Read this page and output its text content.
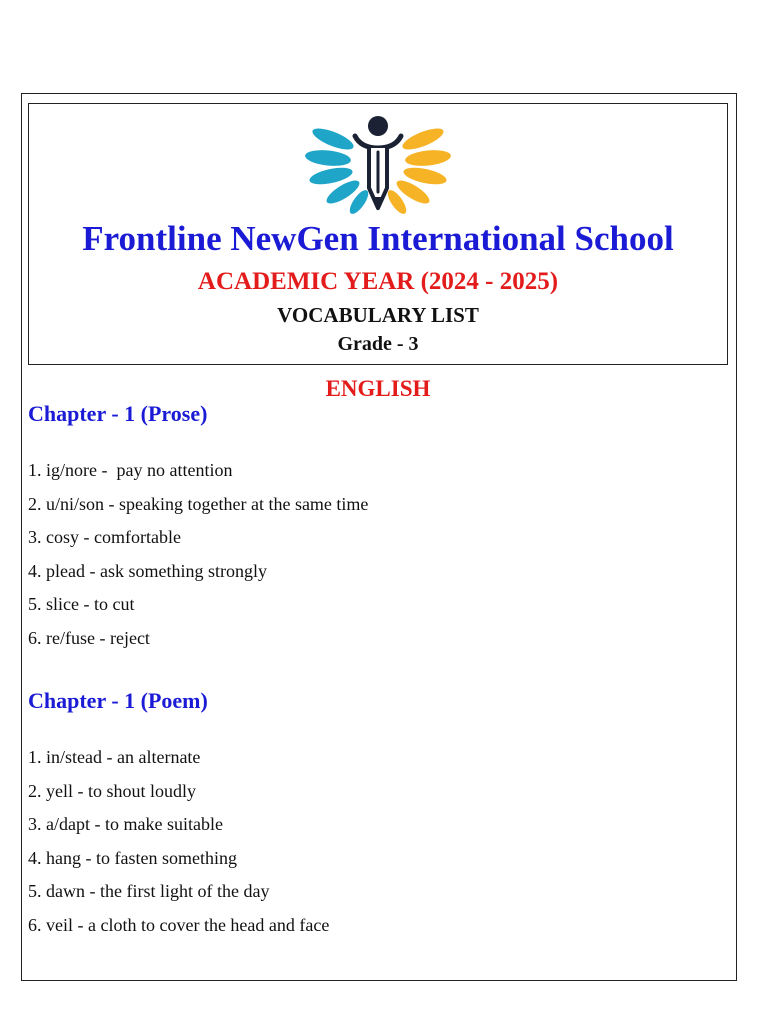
Frontline NewGen International School
ACADEMIC YEAR (2024 - 2025)
VOCABULARY LIST
Grade - 3
ENGLISH
Chapter - 1 (Prose)
1. ig/nore -  pay no attention
2. u/ni/son - speaking together at the same time
3. cosy - comfortable
4. plead - ask something strongly
5. slice - to cut
6. re/fuse - reject
Chapter - 1 (Poem)
1. in/stead - an alternate
2. yell - to shout loudly
3. a/dapt - to make suitable
4. hang - to fasten something
5. dawn - the first light of the day
6. veil - a cloth to cover the head and face
